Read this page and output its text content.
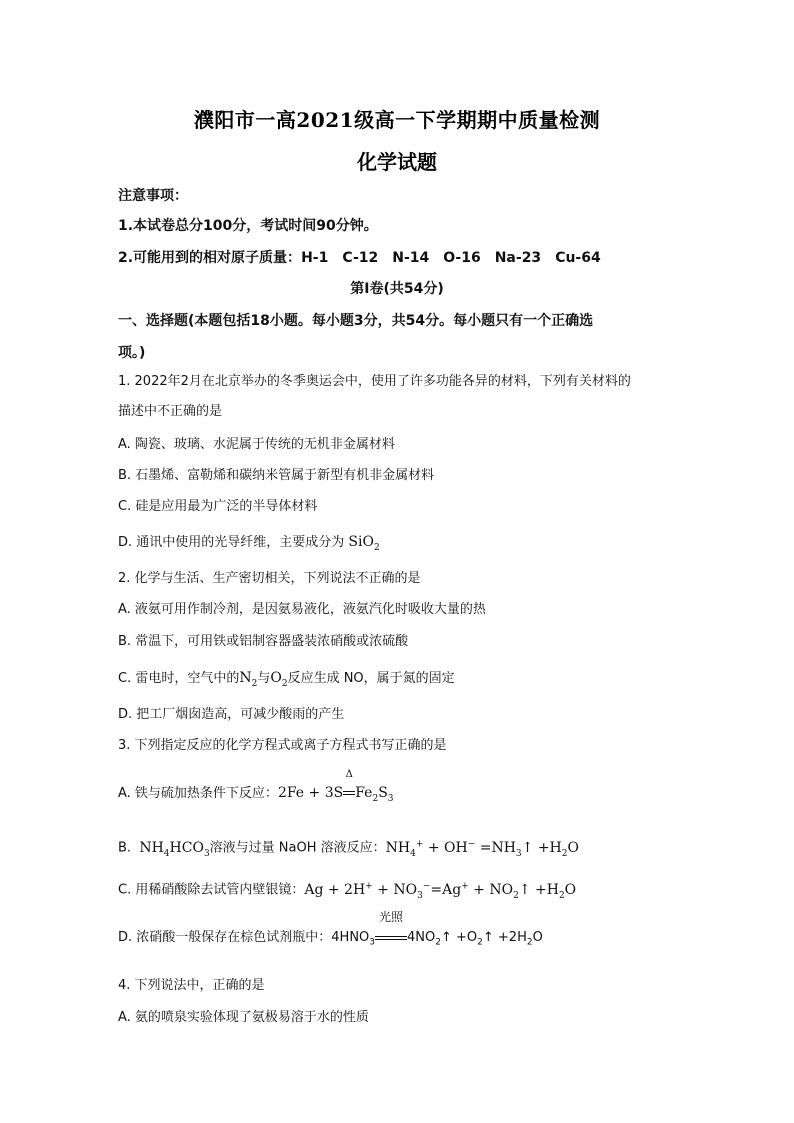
濮阳市一高2021级高一下学期期中质量检测
化学试题
注意事项：
1.本试卷总分100分，考试时间90分钟。
2.可能用到的相对原子质量：H-1 C-12 N-14 O-16 Na-23 Cu-64
第Ⅰ卷(共54分)
一、选择题(本题包括18小题。每小题3分，共54分。每小题只有一个正确选
项。)
1. 2022年2月在北京举办的冬季奥运会中，使用了许多功能各异的材料，下列有关材料的
描述中不正确的是
A. 陶瓷、玻璃、水泥属于传统的无机非金属材料
B. 石墨烯、富勒烯和碳纳米管属于新型有机非金属材料
C. 硅是应用最为广泛的半导体材料
D. 通讯中使用的光导纤维，主要成分为 SiO$_2$
2. 化学与生活、生产密切相关，下列说法不正确的是
A. 液氨可用作制冷剂，是因氨易液化，液氨汽化时吸收大量的热
B. 常温下，可用铁或铝制容器盛装浓硝酸或浓硫酸
C. 雷电时，空气中的$N_2$与$O_2$反应生成 NO，属于氮的固定
D. 把工厂烟囱造高，可减少酸雨的产生
3. 下列指定反应的化学方程式或离子方程式书写正确的是
A. 铁与硫加热条件下反应：2Fe + 3S
Δ
$Fe_2S_3$
B.  $NH_4HCO_3$溶液与过量 NaOH 溶液反应：$NH_4^+ + OH^-$ $=NH_3↑ +H_2O$
C. 用稀硝酸除去试管内壁银镜：$Ag + 2H^+ + NO_3^-=Ag^+$ + $NO_2↑ +H_2O$
D. 浓硝酸一般保存在棕色试剂瓶中：$4HNO_3$
光照
$4NO_2↑$ $+O_2↑ +2H_2O$
4. 下列说法中，正确的是
A. 氨的喷泉实验体现了氨极易溶于水的性质
